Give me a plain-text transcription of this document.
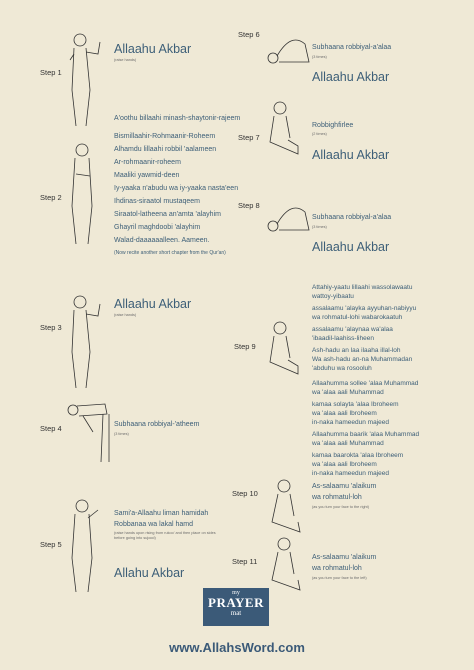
Step 1
Step 2
Step 3
Step 4
Step 5
Step 6
Step 7
Step 8
Step 9
Step 10
Step 11
Allaahu Akbar
(raise hands)
A'oothu billaahi minash-shaytonir-rajeem
Bismillaahir-Rohmaanir-Roheem
Alhamdu lillaahi robbil 'aalameen
Ar-rohmaanir-roheem
Maaliki yawmid-deen
Iy-yaaka n'abudu wa iy-yaaka nasta'een
Ihdinas-siraatol mustaqeem
Siraatol-latheena an'amta 'alayhim
Ghayril maghdoobi 'alayhim
Walad-daaaaaalleen. Aameen.
(Now recite another short chapter from the Qur'an)
Allaahu Akbar
(raise hands)
Subhaana robbiyal-'atheem
(3 times)
Sami'a-Allaahu liman hamidah
Robbanaa wa lakal hamd
(raise hands upon rising from rukoo' and then place on sides before going into sujood)
Allahu Akbar
Subhaana robbiyal-a'alaa
(3 times)
Allaahu Akbar
Robbighfirlee
(2 times)
Allaahu Akbar
Subhaana robbiyal-a'alaa
(3 times)
Allaahu Akbar
Attahiy-yaatu lillaahi wassolawaatu
wattoy-yibaatu
assalaamu 'alayka ayyuhan-nabiyyu
wa rohmatul-lohi wabarokaatuh
assalaamu 'alaynaa wa'alaa
'ibaadil-laahiss-liheen
Ash-hadu an laa ilaaha illal-loh
Wa ash-hadu an-na Muhammadan
'abduhu wa rosooluh
Allaahumma sollee 'alaa Muhammad
wa 'alaa aali Muhammad
kamaa solayta 'alaa Ibroheem
wa 'alaa aali Ibroheem
in-naka hameedun majeed
Allaahumma baarik 'alaa Muhammad
wa 'alaa aali Muhammad
kamaa baarokta 'alaa Ibroheem
wa 'alaa aali Ibroheem
in-naka hameedun majeed
As-salaamu 'alaikum
wa rohmatul-loh
(as you turn your face to the right)
As-salaamu 'alaikum
wa rohmatul-loh
(as you turn your face to the left)
my
PRAYER
mat
www.AllahsWord.com
